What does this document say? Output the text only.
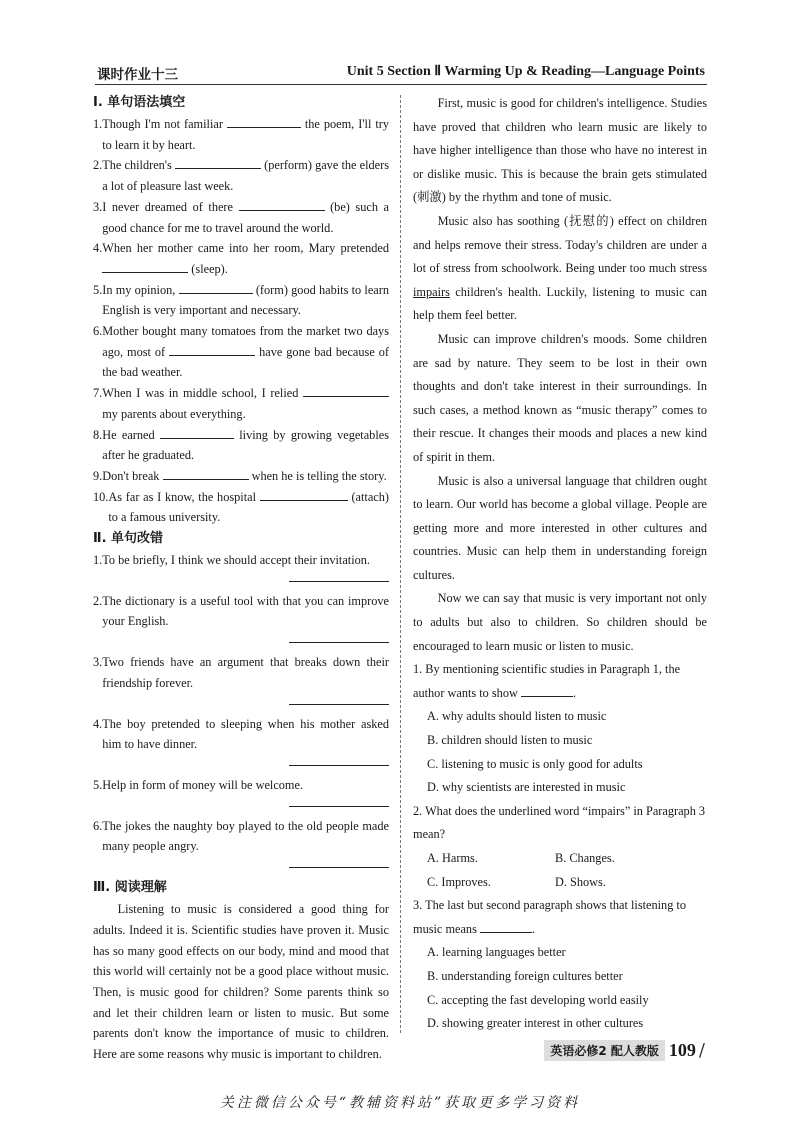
课时作业十三	Unit 5 Section Ⅱ Warming Up & Reading—Language Points
Ⅰ. 单句语法填空
1. Though I'm not familiar	the poem, I'll try to learn it by heart.
2. The children's	(perform) gave the elders a lot of pleasure last week.
3. I never dreamed of there	(be) such a good chance for me to travel around the world.
4. When her mother came into her room, Mary pretended  (sleep).
5. In my opinion,	(form) good habits to learn English is very important and necessary.
6. Mother bought many tomatoes from the market two days ago, most of	have gone bad because of the bad weather.
7. When I was in middle school, I relied  my parents about everything.
8. He earned	living by growing vegetables after he graduated.
9. Don't break	when he is telling the story.
10. As far as I know, the hospital	(attach) to a famous university.
Ⅱ. 单句改错
1. To be briefly, I think we should accept their invitation.
2. The dictionary is a useful tool with that you can improve your English.
3. Two friends have an argument that breaks down their friendship forever.
4. The boy pretended to sleeping when his mother asked him to have dinner.
5. Help in form of money will be welcome.
6. The jokes the naughty boy played to the old people made many people angry.
Ⅲ. 阅读理解
Listening to music is considered a good thing for adults. Indeed it is. Scientific studies have proven it. Music has so many good effects on our body, mind and mood that this world will certainly not be a good place without music. Then, is music good for children? Some parents think so and let their children learn or listen to music. But some parents don't know the importance of music to children. Here are some reasons why music is important to children.
First, music is good for children's intelligence. Studies have proved that children who learn music are likely to have higher intelligence than those who have no interest in or dislike music. This is because the brain gets stimulated (刺激) by the rhythm and tone of music.
Music also has soothing (抚慰的) effect on children and helps remove their stress. Today's children are under a lot of stress from schoolwork. Being under too much stress impairs children's health. Luckily, listening to music can help them feel better.
Music can improve children's moods. Some children are sad by nature. They seem to be lost in their own thoughts and don't take interest in their surroundings. In such cases, a method known as “music therapy” comes to their rescue. It changes their moods and places a new kind of spirit in them.
Music is also a universal language that children ought to learn. Our world has become a global village. People are getting more and more interested in other cultures and countries. Music can help them in understanding foreign cultures.
Now we can say that music is very important not only to adults but also to children. So children should be encouraged to learn music or listen to music.
1. By mentioning scientific studies in Paragraph 1, the author wants to show	.
A. why adults should listen to music
B. children should listen to music
C. listening to music is only good for adults
D. why scientists are interested in music
2. What does the underlined word “impairs” in Paragraph 3 mean?
A. Harms.	B. Changes.
C. Improves.	D. Shows.
3. The last but second paragraph shows that listening to music means	.
A. learning languages better
B. understanding foreign cultures better
C. accepting the fast developing world easily
D. showing greater interest in other cultures
英语必修2 配人教版 109 /
关注微信公众号“教辅资料站”获取更多学习资料
